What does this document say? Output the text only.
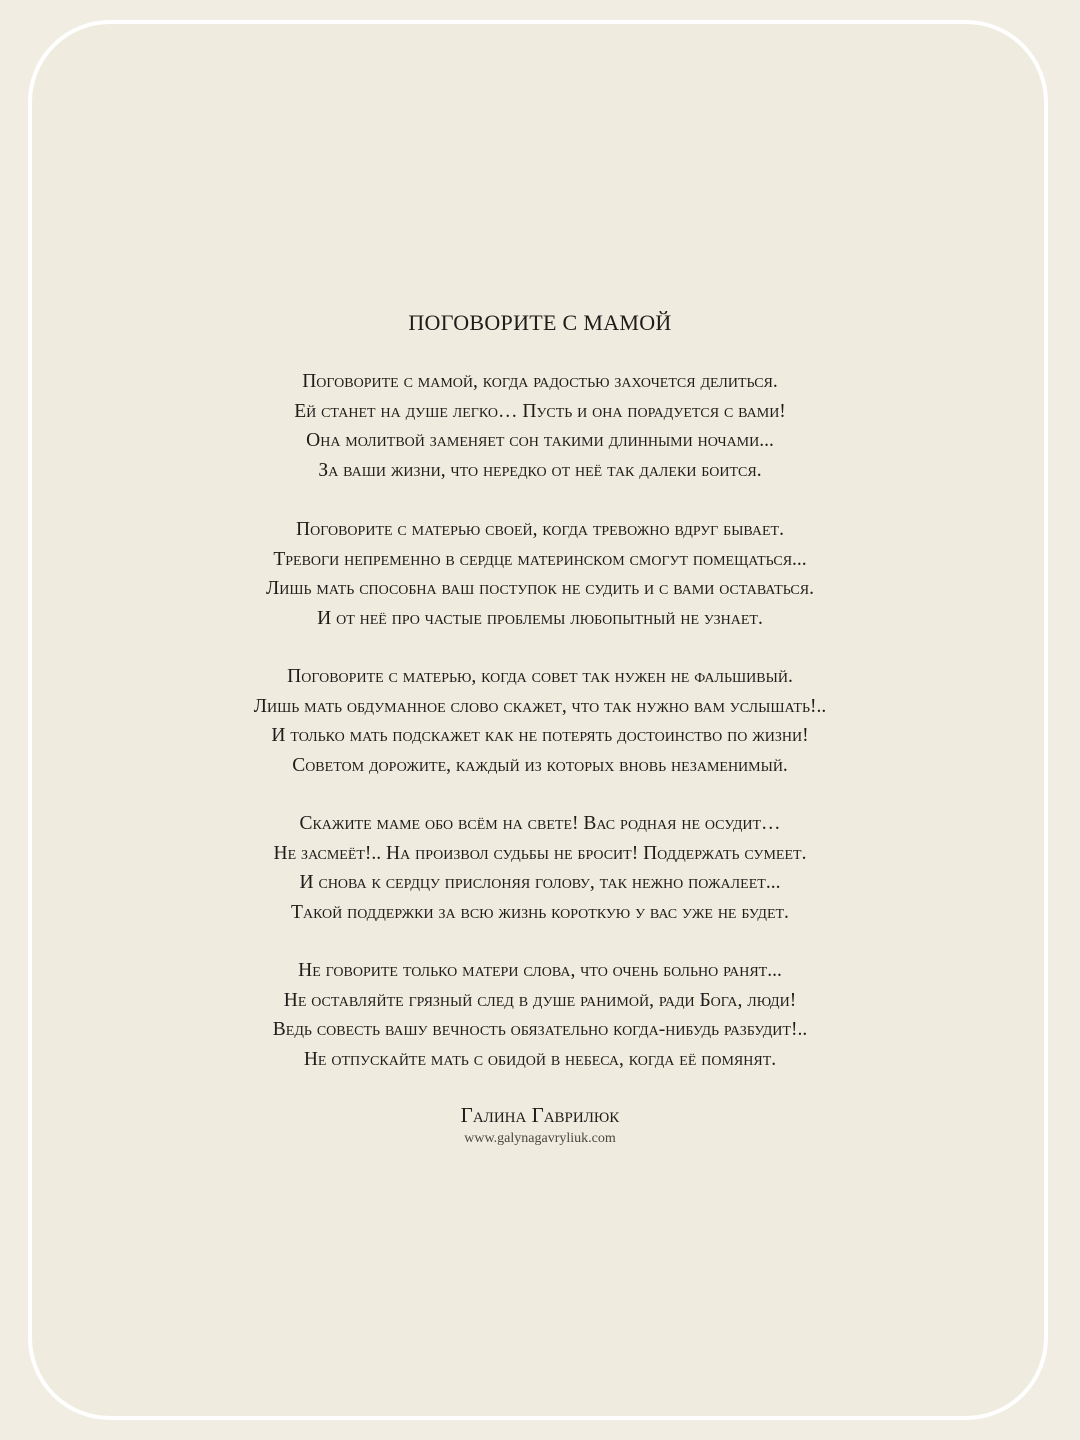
ПОГОВОРИТЕ С МАМОЙ
Поговорите с мамой, когда радостью захочется делиться.
Ей станет на душе легко… Пусть и она порадуется с вами!
Она молитвой заменяет сон такими длинными ночами...
За ваши жизни, что нередко от неё так далеки боится.
Поговорите с матерью своей, когда тревожно вдруг бывает.
Тревоги непременно в сердце материнском смогут помещаться...
Лишь мать способна ваш поступок не судить и с вами оставаться.
И от неё про частые проблемы любопытный не узнает.
Поговорите с матерью, когда совет так нужен не фальшивый.
Лишь мать обдуманное слово скажет, что так нужно вам услышать!..
И только мать подскажет как не потерять достоинство по жизни!
Советом дорожите, каждый из которых вновь незаменимый.
Скажите маме обо всём на свете! Вас родная не осудит…
Не засмеёт!.. На произвол судьбы не бросит! Поддержать сумеет.
И снова к сердцу прислоняя голову, так нежно пожалеет...
Такой поддержки за всю жизнь короткую у вас уже не будет.
Не говорите только матери слова, что очень больно ранят...
Не оставляйте грязный след в душе ранимой, ради Бога, люди!
Ведь совесть вашу вечность обязательно когда-нибудь разбудит!..
Не отпускайте мать с обидой в небеса, когда её помянят.
Галина Гаврилюк
www.galynagavryliuk.com
